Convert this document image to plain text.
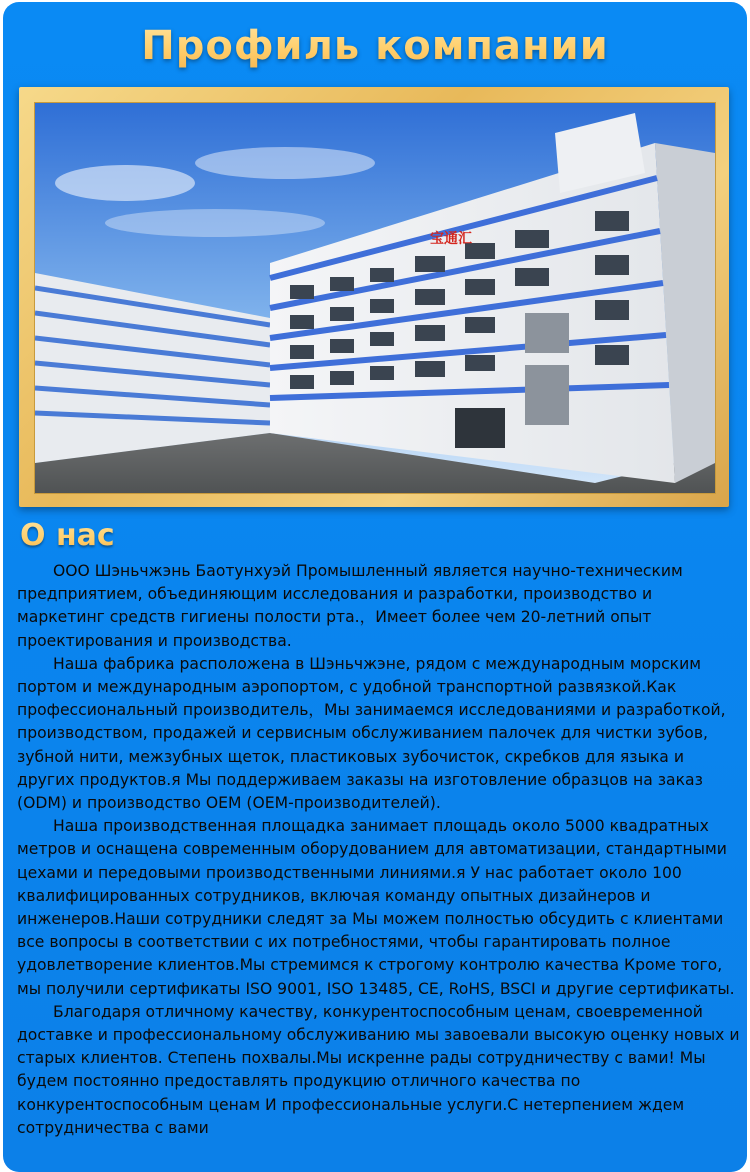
Профиль компании
宝通汇
О нас

ООО Шэньчжэнь Баотунхуэй Промышленный является научно-техническим предприятием, объединяющим исследования и разработки, производство и маркетинг средств гигиены полости рта.，Имеет более чем 20-летний опыт проектирования и производства.

Наша фабрика расположена в Шэньчжэне, рядом с международным морским портом и международным аэропортом, с удобной транспортной развязкой.Как профессиональный производитель，Мы занимаемся исследованиями и разработкой, производством, продажей и сервисным обслуживанием палочек для чистки зубов, зубной нити, межзубных щеток, пластиковых зубочисток, скребков для языка и других продуктов.я Мы поддерживаем заказы на изготовление образцов на заказ (ODM) и производство OEM (OEM-производителей).

Наша производственная площадка занимает площадь около 5000 квадратных метров и оснащена современным оборудованием для автоматизации, стандартными цехами и передовыми производственными линиями.я У нас работает около 100 квалифицированных сотрудников, включая команду опытных дизайнеров и инженеров.Наши сотрудники следят за Мы можем полностью обсудить с клиентами все вопросы в соответствии с их потребностями, чтобы гарантировать полное удовлетворение клиентов.Мы стремимся к строгому контролю качества Кроме того, мы получили сертификаты ISO 9001, ISO 13485, CE, RoHS, BSCI и другие сертификаты.

Благодаря отличному качеству, конкурентоспособным ценам, своевременной доставке и профессиональному обслуживанию мы завоевали высокую оценку новых и старых клиентов. Степень похвалы.Мы искренне рады сотрудничеству с вами! Мы будем постоянно предоставлять продукцию отличного качества по конкурентоспособным ценам И профессиональные услуги.С нетерпением ждем сотрудничества с вами
